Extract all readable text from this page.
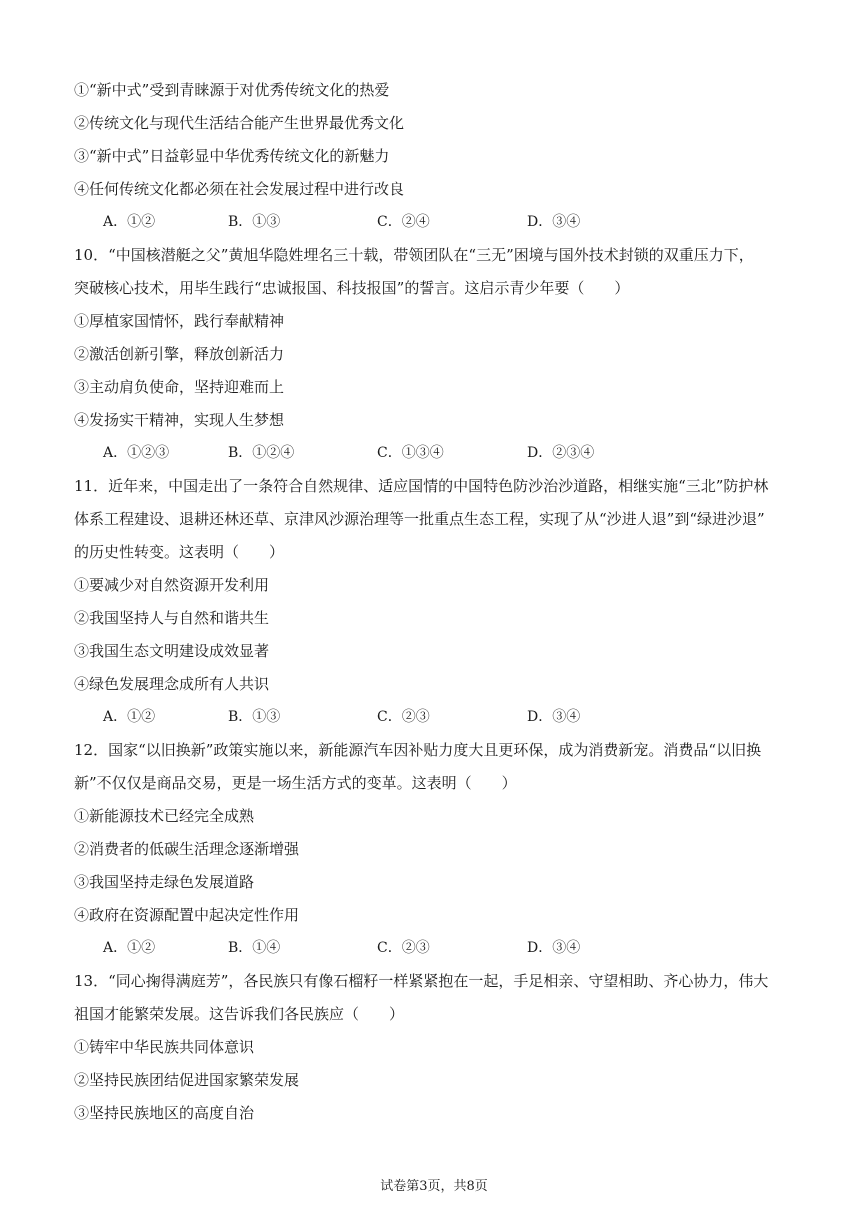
①“新中式”受到青睐源于对优秀传统文化的热爱
②传统文化与现代生活结合能产生世界最优秀文化
③“新中式”日益彰显中华优秀传统文化的新魅力
④任何传统文化都必须在社会发展过程中进行改良
A．①②	B．①③	C．②④	D．③④
10．“中国核潜艇之父”黄旭华隐姓埋名三十载，带领团队在“三无”困境与国外技术封锁的双重压力下，
突破核心技术，用毕生践行“忠诚报国、科技报国”的誓言。这启示青少年要（　　）
①厚植家国情怀，践行奉献精神
②激活创新引擎，释放创新活力
③主动肩负使命，坚持迎难而上
④发扬实干精神，实现人生梦想
A．①②③	B．①②④	C．①③④	D．②③④
11．近年来，中国走出了一条符合自然规律、适应国情的中国特色防沙治沙道路，相继实施“三北”防护林
体系工程建设、退耕还林还草、京津风沙源治理等一批重点生态工程，实现了从“沙进人退”到“绿进沙退”
的历史性转变。这表明（　　）
①要减少对自然资源开发利用
②我国坚持人与自然和谐共生
③我国生态文明建设成效显著
④绿色发展理念成所有人共识
A．①②	B．①③	C．②③	D．③④
12．国家“以旧换新”政策实施以来，新能源汽车因补贴力度大且更环保，成为消费新宠。消费品“以旧换
新”不仅仅是商品交易，更是一场生活方式的变革。这表明（　　）
①新能源技术已经完全成熟
②消费者的低碳生活理念逐渐增强
③我国坚持走绿色发展道路
④政府在资源配置中起决定性作用
A．①②	B．①④	C．②③	D．③④
13．“同心掬得满庭芳”，各民族只有像石榴籽一样紧紧抱在一起，手足相亲、守望相助、齐心协力，伟大
祖国才能繁荣发展。这告诉我们各民族应（　　）
①铸牢中华民族共同体意识
②坚持民族团结促进国家繁荣发展
③坚持民族地区的高度自治
试卷第3页，共8页
